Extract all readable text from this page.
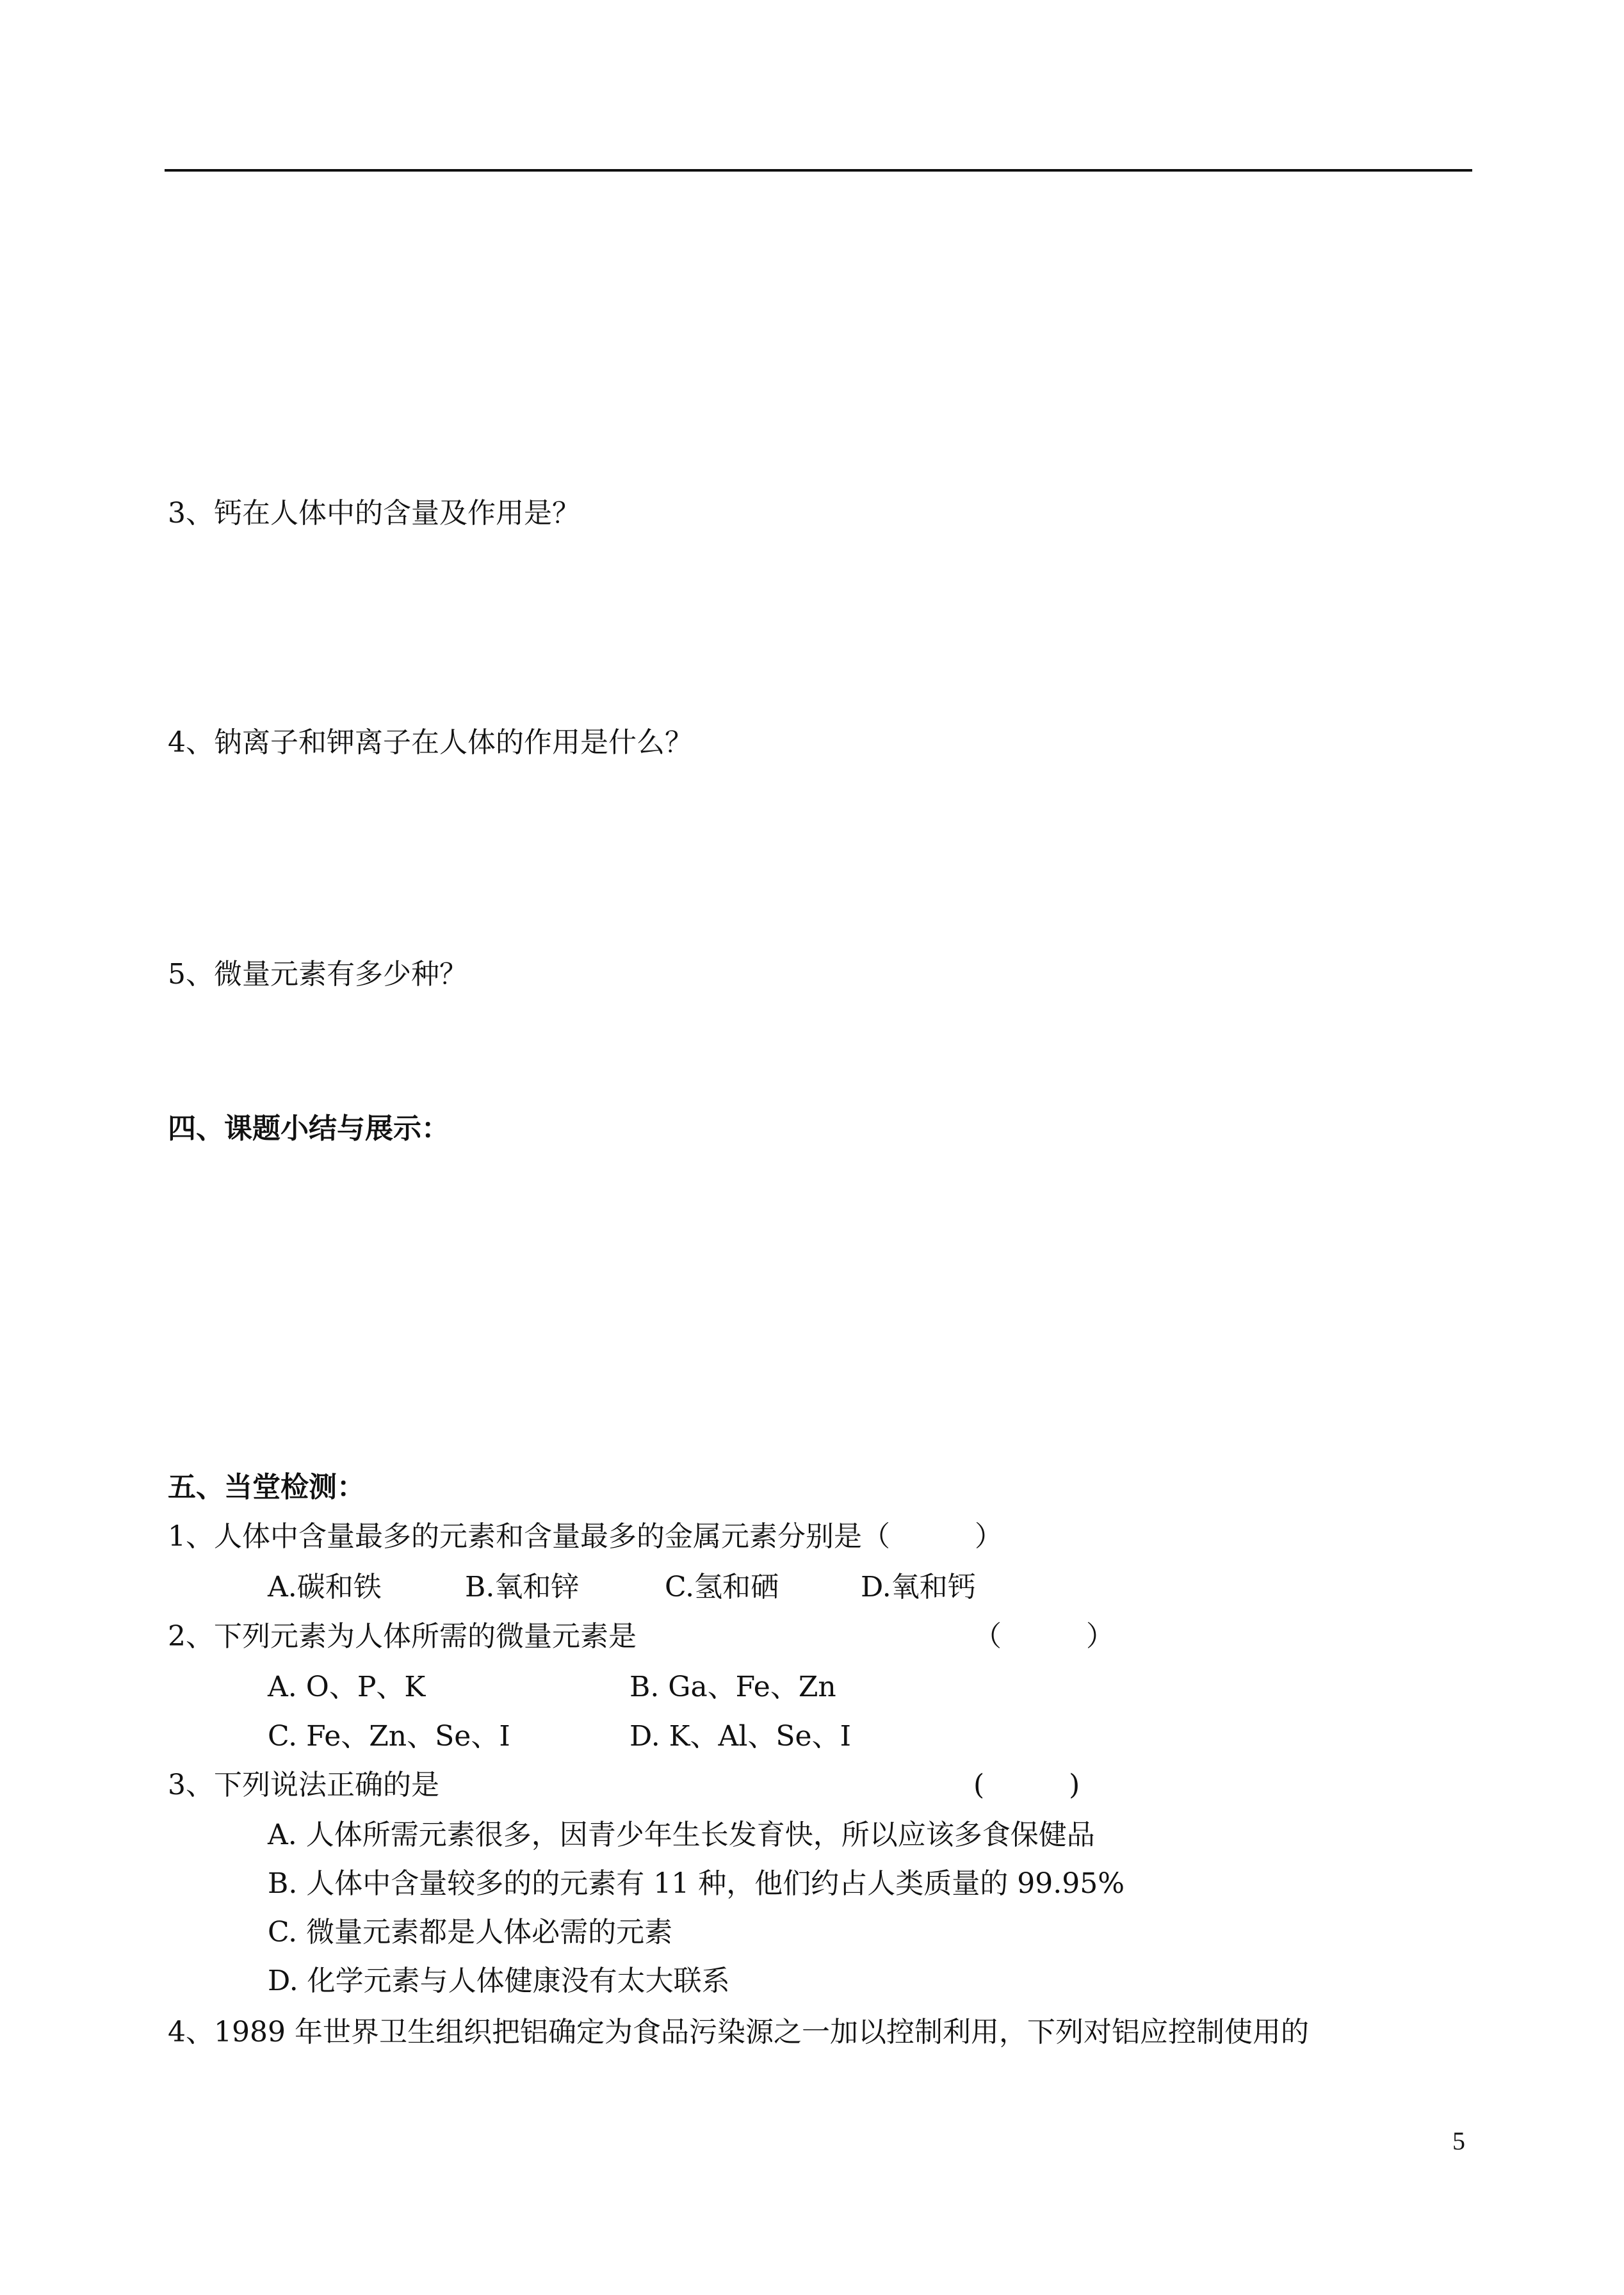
3、钙在人体中的含量及作用是？
4、钠离子和钾离子在人体的作用是什么？
5、微量元素有多少种？
四、课题小结与展示：
五、当堂检测：
1、人体中含量最多的元素和含量最多的金属元素分别是（　　　）

A.碳和铁

	B.氧和锌

	C.氢和硒

	D.氧和钙

2、下列元素为人体所需的微量元素是	（　　　）

A. O、P、K

	B. Ga、Fe、Zn

C. Fe、Zn、Se、I

	D. K、Al、Se、I

3、下列说法正确的是	(　　　)
A. 人体所需元素很多，因青少年生长发育快，所以应该多食保健品
B. 人体中含量较多的的元素有 11 种，他们约占人类质量的 99.95%
C. 微量元素都是人体必需的元素
D. 化学元素与人体健康没有太大联系
4、1989 年世界卫生组织把铝确定为食品污染源之一加以控制利用，下列对铝应控制使用的
5
